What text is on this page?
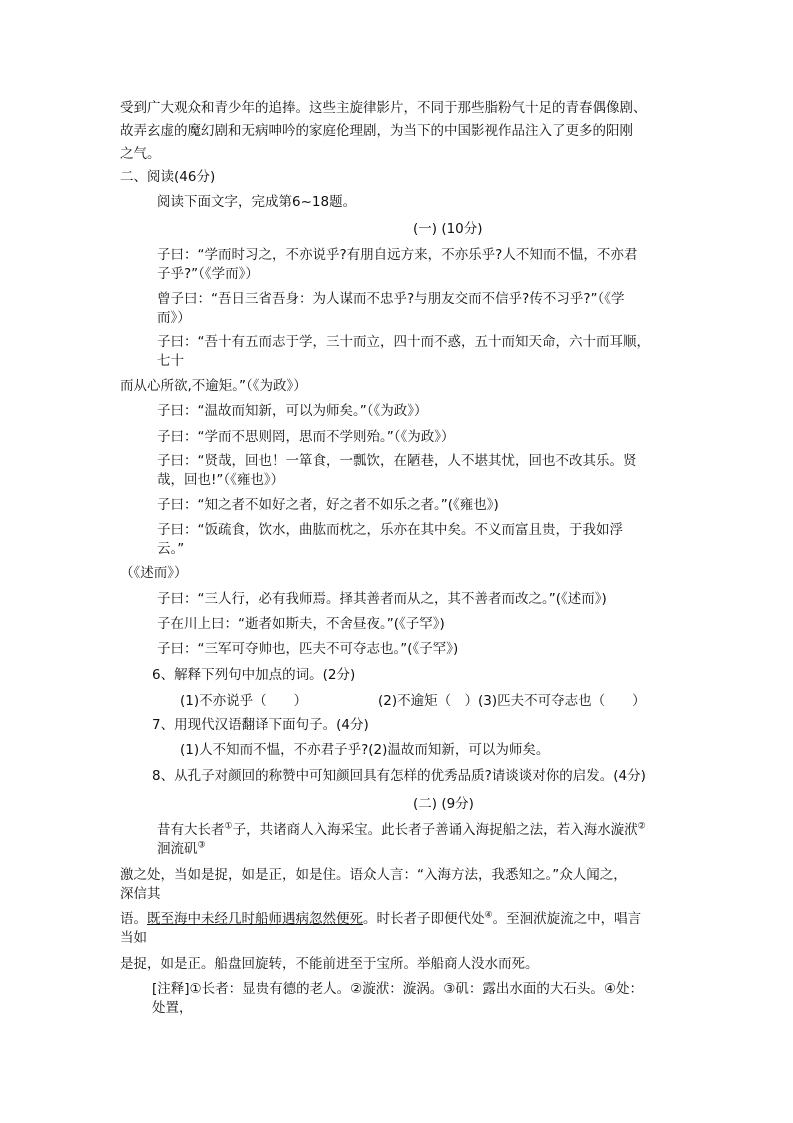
受到广大观众和青少年的追捧。这些主旋律影片，不同于那些脂粉气十足的青春偶像剧、

故弄玄虚的魔幻剧和无病呻吟的家庭伦理剧，为当下的中国影视作品注入了更多的阳刚

之气。

二、阅读(46分)

阅读下面文字，完成第6~18题。

(一) (10分)

子曰：“学而时习之，不亦说乎?有朋自远方来，不亦乐乎?人不知而不愠，不亦君

子乎?”（《学而》）

曾子曰：“吾日三省吾身：为人谋而不忠乎?与朋友交而不信乎?传不习乎?”（《学

而》）

子曰：“吾十有五而志于学，三十而立，四十而不惑，五十而知天命，六十而耳顺，

七十

而从心所欲,不逾矩。”（《为政》）

子曰：“温故而知新，可以为师矣。”（《为政》）

子曰：“学而不思则罔，思而不学则殆。”（《为政》）

子曰：“贤哉，回也！一箪食，一瓢饮，在陋巷，人不堪其忧，回也不改其乐。贤

哉，回也!”（《雍也》）

子曰：“知之者不如好之者，好之者不如乐之者。”(《雍也》)

子曰：“饭疏食，饮水，曲肱而枕之，乐亦在其中矣。不义而富且贵，于我如浮

云。”

（《述而》）

子曰：“三人行，必有我师焉。择其善者而从之，其不善者而改之。”(《述而》)

子在川上曰：“逝者如斯夫，不舍昼夜。”(《子罕》)

子曰：“三军可夺帅也，匹夫不可夺志也。”(《子罕》)

6、解释下列句中加点的词。(2分)

(1)不亦说乎（　　）	(2)不逾矩（　） (3)匹夫不可夺志也（　　）

7、用现代汉语翻译下面句子。(4分)

(1)人不知而不愠，不亦君子乎?(2)温故而知新，可以为师矣。

8、从孔子对颜回的称赞中可知颜回具有怎样的优秀品质?请谈谈对你的启发。(4分)

(二) (9分)

昔有大长者①子，共诸商人入海采宝。此长者子善诵入海捉船之法，若入海水漩洑②

洄流矶③

激之处，当如是捉，如是正，如是住。语众人言：“入海方法，我悉知之。”众人闻之，

深信其

语。既至海中未经几时船师遇病忽然便死。时长者子即便代处④。至洄洑旋流之中，唱言

当如

是捉，如是正。船盘回旋转，不能前进至于宝所。举船商人没水而死。

[注释]①长者：显贵有德的老人。②漩洑：漩涡。③矶：露出水面的大石头。④处：

处置，
